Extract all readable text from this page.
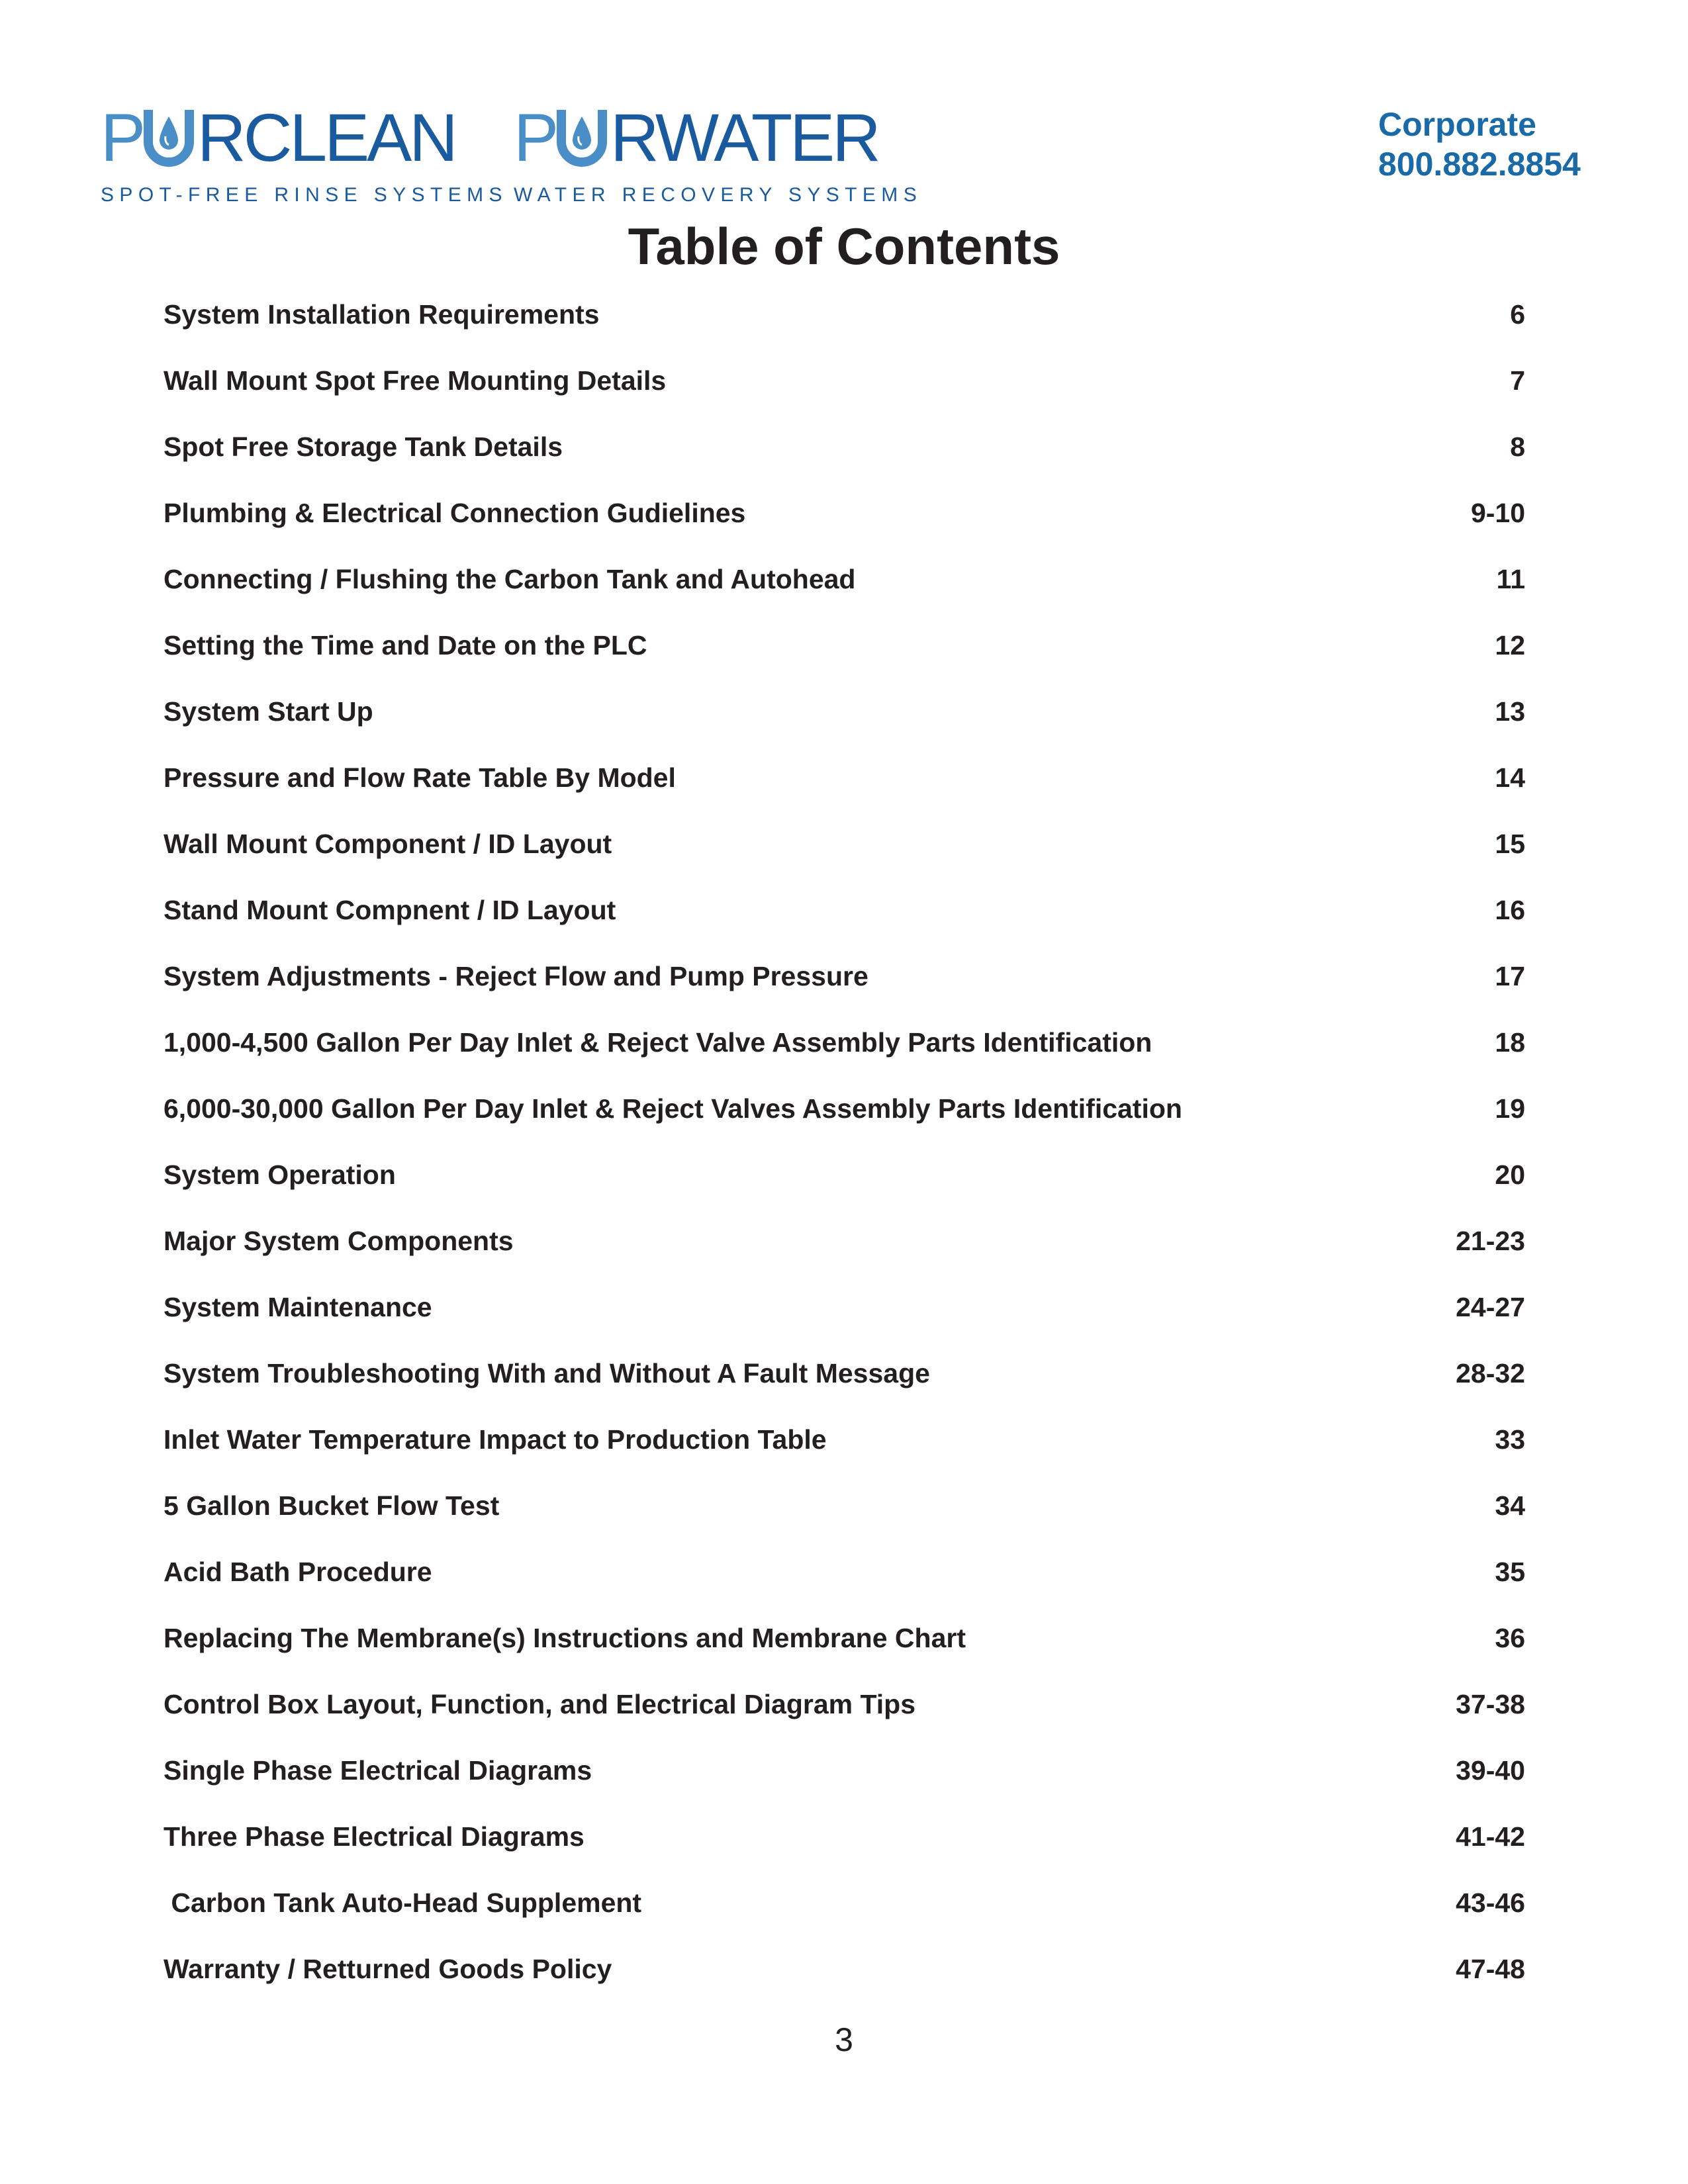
P RCLEAN
SPOT-FREE RINSE SYSTEMS
P RWATER
WATER RECOVERY SYSTEMS
Corporate
800.882.8854
Table of Contents
System Installation Requirements	6
Wall Mount Spot Free Mounting Details	7
Spot Free Storage Tank Details	8
Plumbing & Electrical Connection Gudielines	9-10
Connecting / Flushing the Carbon Tank and Autohead	11
Setting the Time and Date on the PLC	12
System Start Up	13
Pressure and Flow Rate Table By Model	14
Wall Mount Component / ID Layout	15
Stand Mount Compnent / ID Layout	16
System Adjustments - Reject Flow and Pump Pressure	17
1,000-4,500 Gallon Per Day Inlet & Reject Valve Assembly Parts Identification	18
6,000-30,000 Gallon Per Day Inlet & Reject Valves Assembly Parts Identification	19
System Operation	20
Major System Components	21-23
System Maintenance	24-27
System Troubleshooting With and Without A Fault Message	28-32
Inlet Water Temperature Impact to Production Table	33
5 Gallon Bucket Flow Test	34
Acid Bath Procedure	35
Replacing The Membrane(s) Instructions and Membrane Chart	36
Control Box Layout, Function, and Electrical Diagram Tips	37-38
Single Phase Electrical Diagrams	39-40
Three Phase Electrical Diagrams	41-42
Carbon Tank Auto-Head Supplement	43-46
Warranty / Retturned Goods Policy	47-48
3
